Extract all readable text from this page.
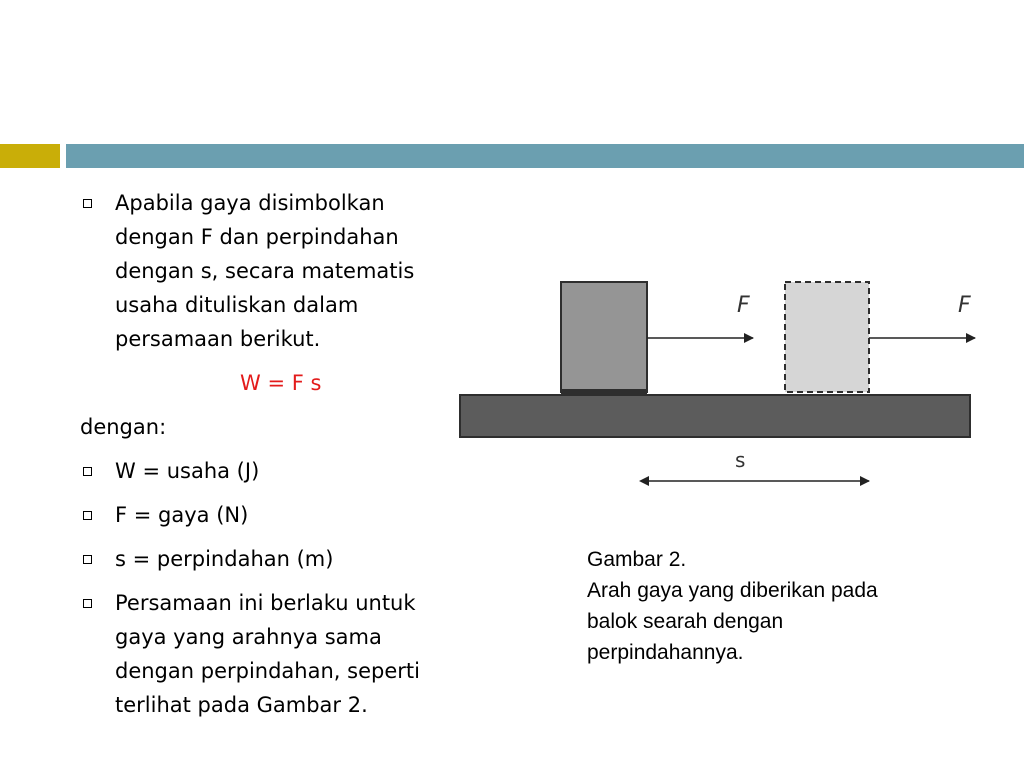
Apabila gaya disimbolkan dengan F dan perpindahan dengan s, secara matematis usaha dituliskan dalam persamaan berikut.
W = F s
dengan:
W = usaha (J)
F = gaya (N)
s = perpindahan (m)
Persamaan ini berlaku untuk gaya yang arahnya sama dengan perpindahan, seperti terlihat pada Gambar 2.
F	F
s
Gambar 2.
Arah gaya yang diberikan pada balok searah dengan perpindahannya.
